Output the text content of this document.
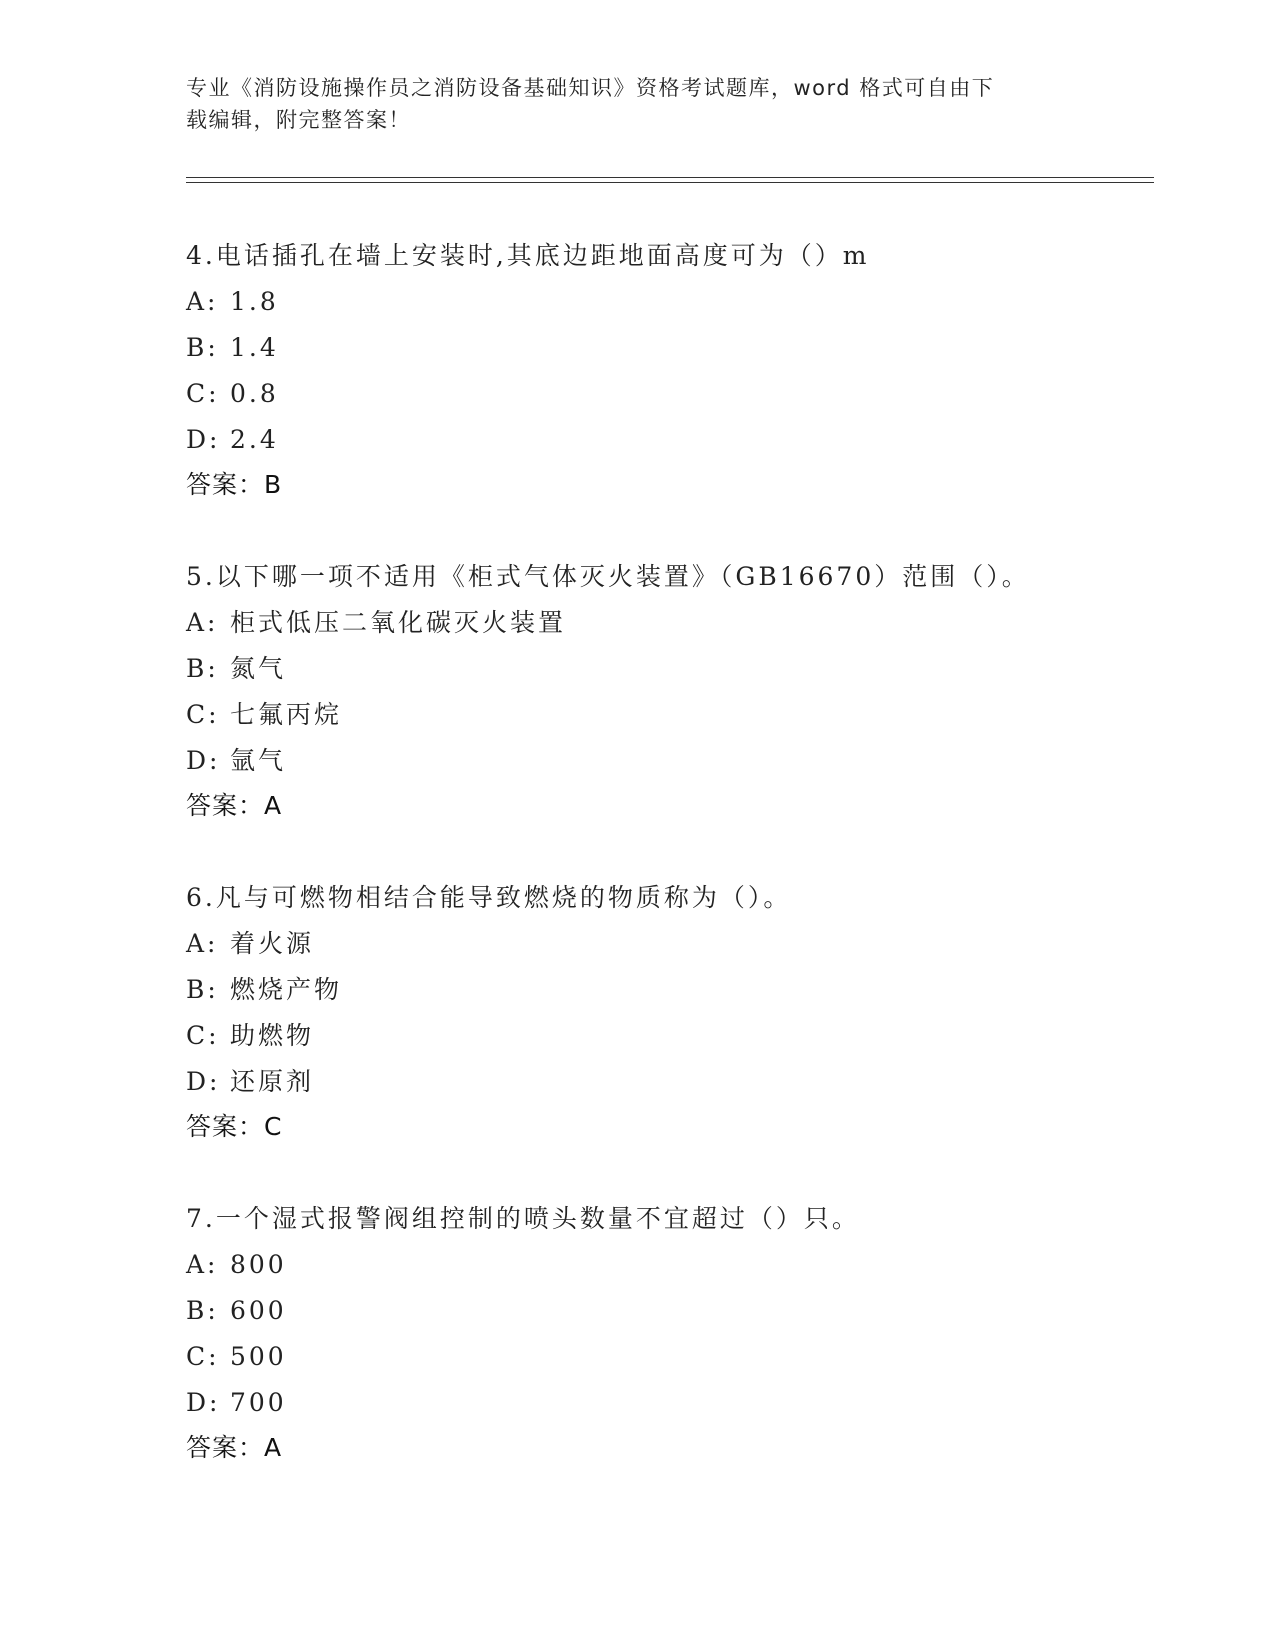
专业《消防设施操作员之消防设备基础知识》资格考试题库，word 格式可自由下
载编辑，附完整答案！
4.电话插孔在墙上安装时,其底边距地面高度可为（）m
A: 1.8
B: 1.4
C: 0.8
D: 2.4
答案：B
5.以下哪一项不适用《柜式气体灭火装置》（GB16670）范围（）。
A: 柜式低压二氧化碳灭火装置
B: 氮气
C: 七氟丙烷
D: 氩气
答案：A
6.凡与可燃物相结合能导致燃烧的物质称为（）。
A: 着火源
B: 燃烧产物
C: 助燃物
D: 还原剂
答案：C
7.一个湿式报警阀组控制的喷头数量不宜超过（）只。
A: 800
B: 600
C: 500
D: 700
答案：A
